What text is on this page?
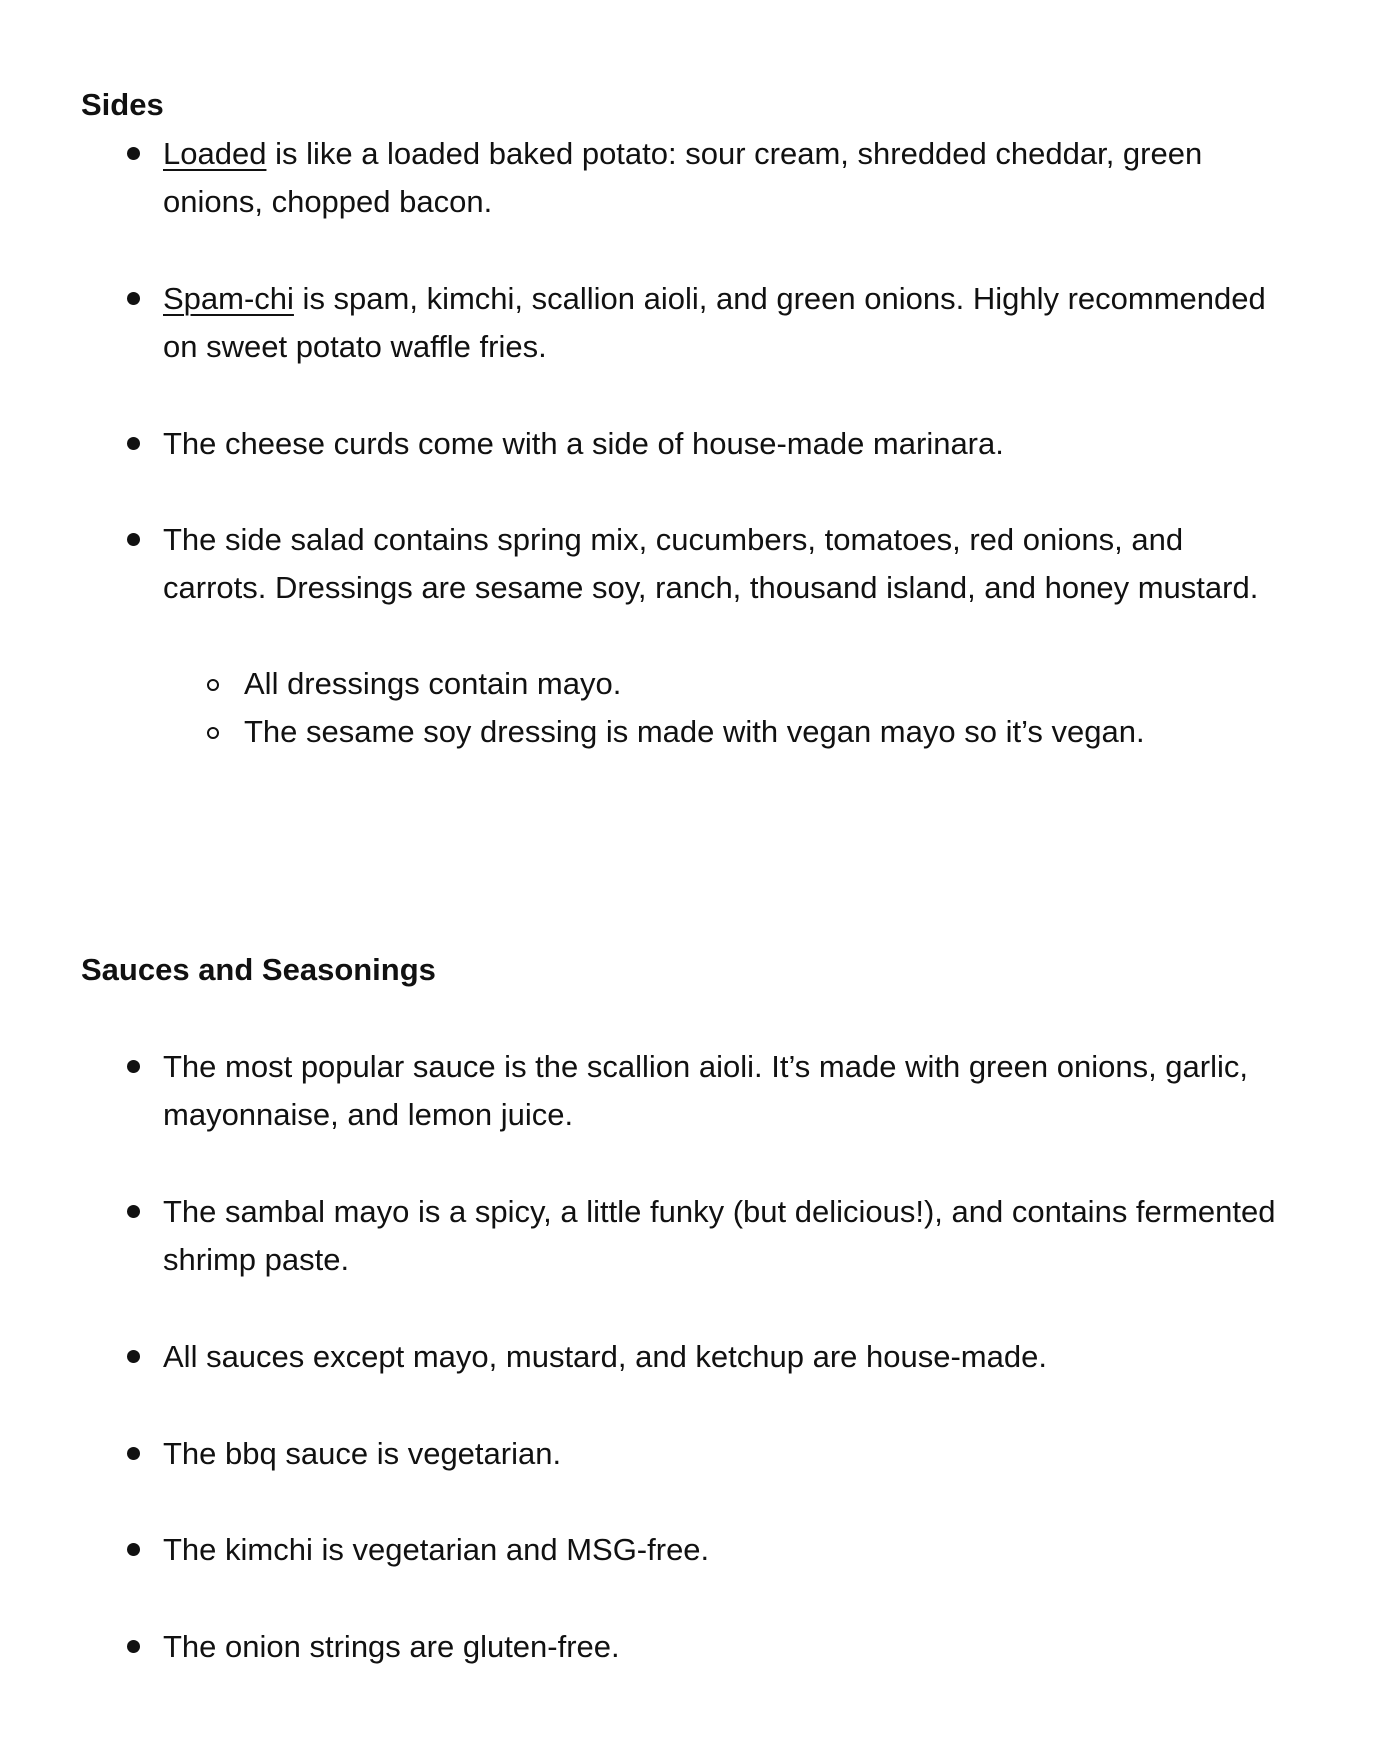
Sides

Loaded is like a loaded baked potato: sour cream, shredded cheddar, green onions, chopped bacon.

Spam-chi is spam, kimchi, scallion aioli, and green onions. Highly recommended on sweet potato waffle fries.

The cheese curds come with a side of house-made marinara.

The side salad contains spring mix, cucumbers, tomatoes, red onions, and carrots. Dressings are sesame soy, ranch, thousand island, and honey mustard.

All dressings contain mayo.

The sesame soy dressing is made with vegan mayo so it’s vegan.

Sauces and Seasonings

The most popular sauce is the scallion aioli. It’s made with green onions, garlic, mayonnaise, and lemon juice.

The sambal mayo is a spicy, a little funky (but delicious!), and contains fermented shrimp paste.

All sauces except mayo, mustard, and ketchup are house-made.

The bbq sauce is vegetarian.

The kimchi is vegetarian and MSG-free.

The onion strings are gluten-free.
